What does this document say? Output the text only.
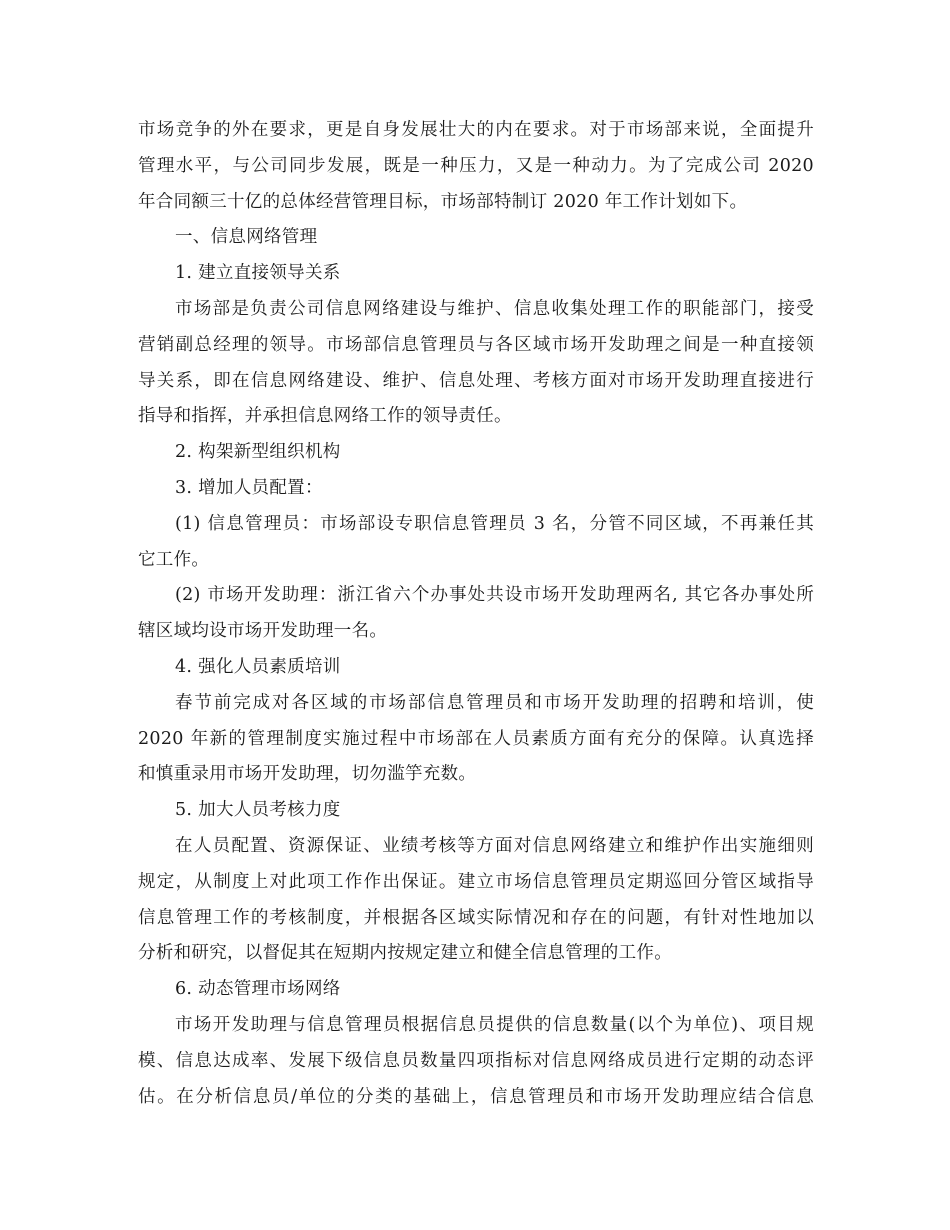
市场竞争的外在要求，更是自身发展壮大的内在要求。对于市场部来说，全面提升
管理水平，与公司同步发展，既是一种压力，又是一种动力。为了完成公司 2020
年合同额三十亿的总体经营管理目标，市场部特制订 2020 年工作计划如下。
一、信息网络管理
1. 建立直接领导关系
市场部是负责公司信息网络建设与维护、信息收集处理工作的职能部门，接受
营销副总经理的领导。市场部信息管理员与各区域市场开发助理之间是一种直接领
导关系，即在信息网络建设、维护、信息处理、考核方面对市场开发助理直接进行
指导和指挥，并承担信息网络工作的领导责任。
2. 构架新型组织机构
3. 增加人员配置：
(1) 信息管理员：市场部设专职信息管理员 3 名，分管不同区域，不再兼任其
它工作。
(2) 市场开发助理：浙江省六个办事处共设市场开发助理两名, 其它各办事处所
辖区域均设市场开发助理一名。
4. 强化人员素质培训
春节前完成对各区域的市场部信息管理员和市场开发助理的招聘和培训，使
2020 年新的管理制度实施过程中市场部在人员素质方面有充分的保障。认真选择
和慎重录用市场开发助理，切勿滥竽充数。
5. 加大人员考核力度
在人员配置、资源保证、业绩考核等方面对信息网络建立和维护作出实施细则
规定，从制度上对此项工作作出保证。建立市场信息管理员定期巡回分管区域指导
信息管理工作的考核制度，并根据各区域实际情况和存在的问题，有针对性地加以
分析和研究，以督促其在短期内按规定建立和健全信息管理的工作。
6. 动态管理市场网络
市场开发助理与信息管理员根据信息员提供的信息数量(以个为单位)、项目规
模、信息达成率、发展下级信息员数量四项指标对信息网络成员进行定期的动态评
估。在分析信息员/单位的分类的基础上，信息管理员和市场开发助理应结合信息
